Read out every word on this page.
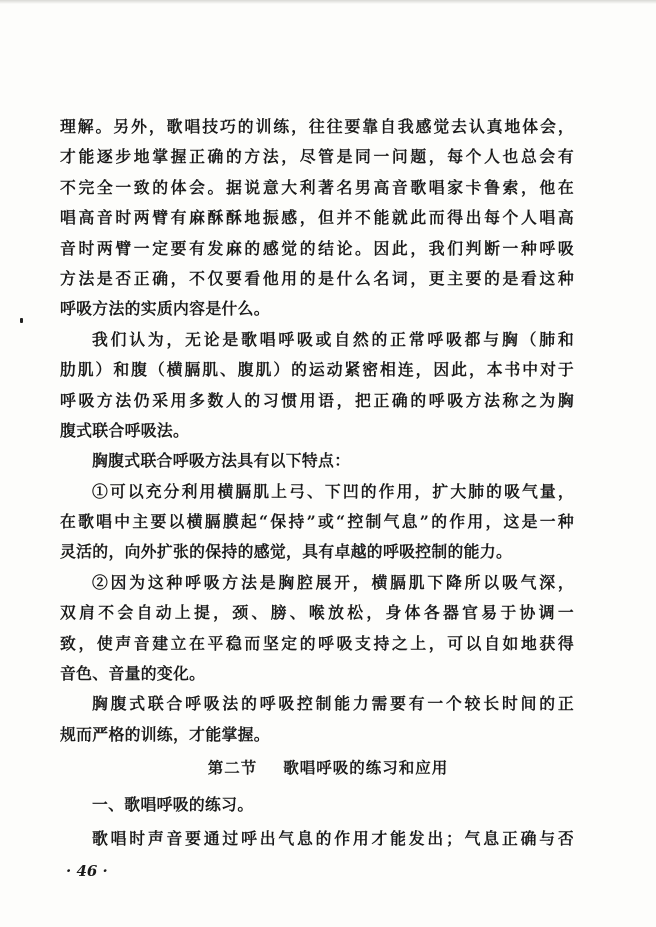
理解。另外，歌唱技巧的训练，往往要靠自我感觉去认真地体会，
才能逐步地掌握正确的方法，尽管是同一问题，每个人也总会有
不完全一致的体会。据说意大利著名男高音歌唱家卡鲁索，他在
唱高音时两臂有麻酥酥地振感，但并不能就此而得出每个人唱高
音时两臂一定要有发麻的感觉的结论。因此，我们判断一种呼吸
方法是否正确，不仅要看他用的是什么名词，更主要的是看这种
呼吸方法的实质内容是什么。
我们认为，无论是歌唱呼吸或自然的正常呼吸都与胸（肺和
肋肌）和腹（横膈肌、腹肌）的运动紧密相连，因此，本书中对于
呼吸方法仍采用多数人的习惯用语，把正确的呼吸方法称之为胸
腹式联合呼吸法。
胸腹式联合呼吸方法具有以下特点：
①可以充分利用横膈肌上弓、下凹的作用，扩大肺的吸气量，
在歌唱中主要以横膈膜起“保持”或“控制气息”的作用，这是一种
灵活的，向外扩张的保持的感觉，具有卓越的呼吸控制的能力。
②因为这种呼吸方法是胸腔展开，横膈肌下降所以吸气深，
双肩不会自动上提，颈、膀、喉放松，身体各器官易于协调一
致，使声音建立在平稳而坚定的呼吸支持之上，可以自如地获得
音色、音量的变化。
胸腹式联合呼吸法的呼吸控制能力需要有一个较长时间的正
规而严格的训练，才能掌握。
第二节 歌唱呼吸的练习和应用
一、歌唱呼吸的练习。
歌唱时声音要通过呼出气息的作用才能发出；气息正确与否
· 46 ·
